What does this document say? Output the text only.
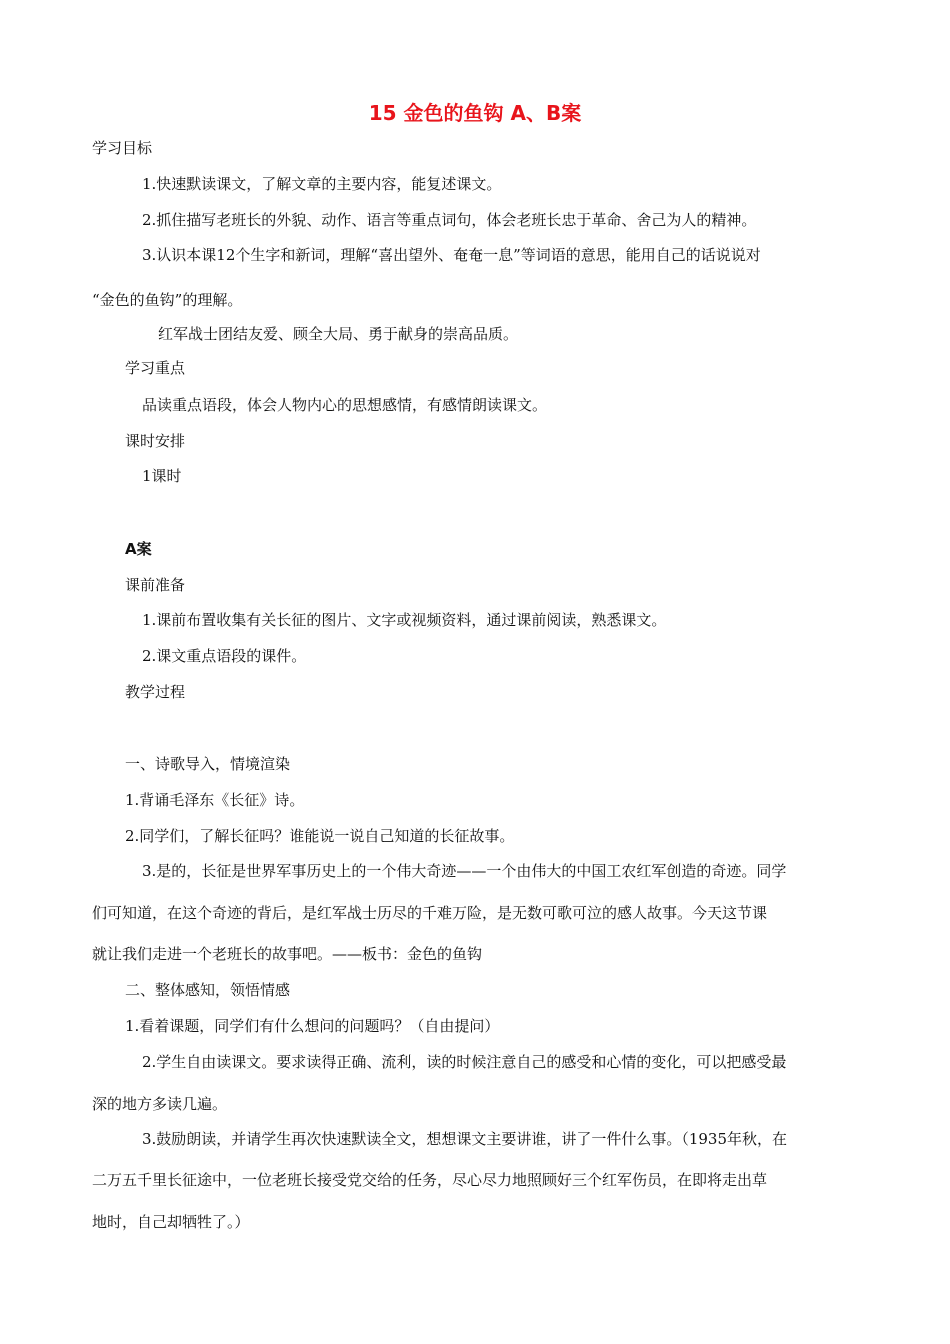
15 金色的鱼钩 A、B案

学习目标

1.快速默读课文，了解文章的主要内容，能复述课文。

2.抓住描写老班长的外貌、动作、语言等重点词句，体会老班长忠于革命、舍己为人的精神。

3.认识本课12个生字和新词，理解“喜出望外、奄奄一息”等词语的意思，能用自己的话说说对

“金色的鱼钩”的理解。

红军战士团结友爱、顾全大局、勇于献身的崇高品质。

学习重点

品读重点语段，体会人物内心的思想感情，有感情朗读课文。

课时安排

1课时

A案

课前准备

1.课前布置收集有关长征的图片、文字或视频资料，通过课前阅读，熟悉课文。

2.课文重点语段的课件。

教学过程

一、诗歌导入，情境渲染

1.背诵毛泽东《长征》诗。

2.同学们，了解长征吗？谁能说一说自己知道的长征故事。

3.是的，长征是世界军事历史上的一个伟大奇迹——一个由伟大的中国工农红军创造的奇迹。同学

们可知道，在这个奇迹的背后，是红军战士历尽的千难万险，是无数可歌可泣的感人故事。今天这节课

就让我们走进一个老班长的故事吧。——板书：金色的鱼钩

二、整体感知，领悟情感

1.看着课题，同学们有什么想问的问题吗？（自由提问）

2.学生自由读课文。要求读得正确、流利，读的时候注意自己的感受和心情的变化，可以把感受最

深的地方多读几遍。

3.鼓励朗读，并请学生再次快速默读全文，想想课文主要讲谁，讲了一件什么事。（1935年秋，在

二万五千里长征途中，一位老班长接受党交给的任务，尽心尽力地照顾好三个红军伤员，在即将走出草

地时，自己却牺牲了。）
